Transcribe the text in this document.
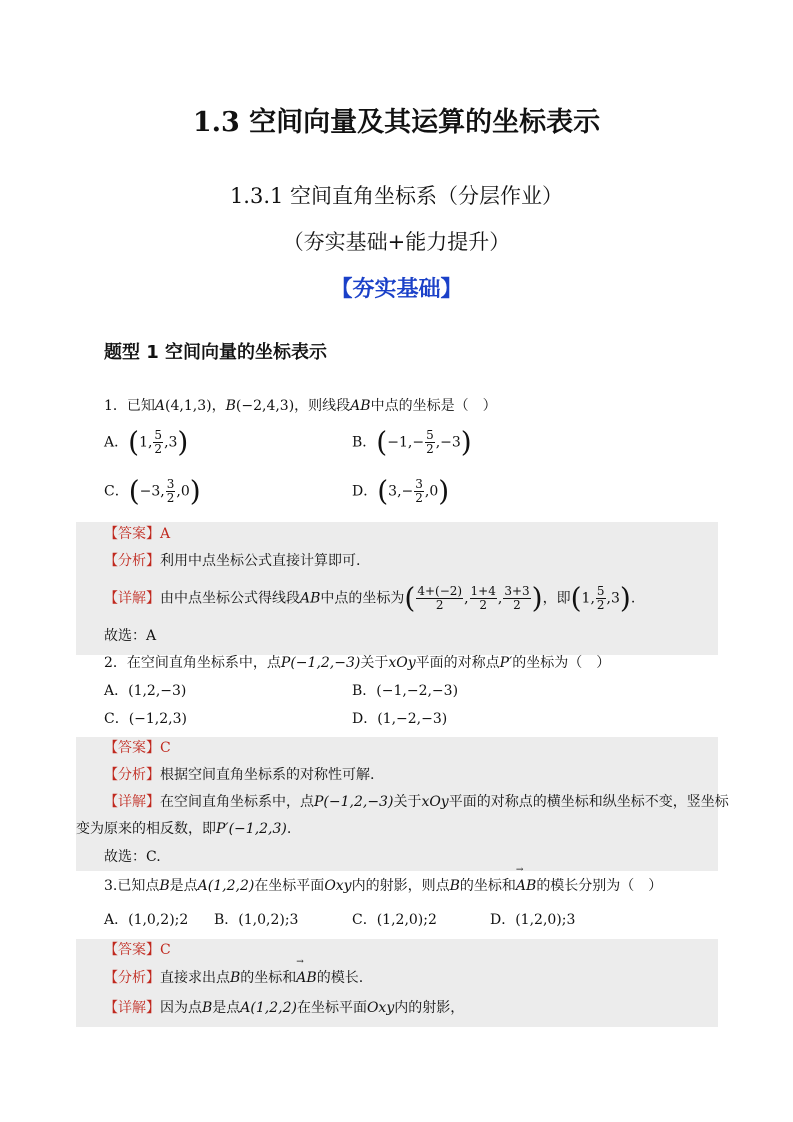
1.3 空间向量及其运算的坐标表示
1.3.1 空间直角坐标系（分层作业）
（夯实基础+能力提升）
【夯实基础】
题型 1 空间向量的坐标表示
1．已知A(4,1,3)，B(−2,4,3)，则线段AB中点的坐标是（　）
A．(1, $\frac{5}{2} ,3$)	B．$(-1,- \frac{5}{2} ,-3)$
C．(−3, $\frac{3}{2} ,0$)	D．$(3,- \frac{3}{2} ,0)$
【答案】A
【分析】利用中点坐标公式直接计算即可.
【详解】由中点坐标公式得线段AB中点的坐标为( $\frac{4+(-2)}{2}$ , $\frac{1+4}{2}$ , $\frac{3+3}{2}$ )，即(1, $\frac{5}{2} ,3$).
故选：A
2．在空间直角坐标系中，点P(−1,2,−3)关于xOy平面的对称点P′的坐标为（　）
A．(1,2,−3)	B．(−1,−2,−3)
C．(−1,2,3)	D．(1,−2,−3)
【答案】C
【分析】根据空间直角坐标系的对称性可解.
【详解】在空间直角坐标系中，点P(−1,2,−3)关于xOy平面的对称点的横坐标和纵坐标不变，竖坐标
变为原来的相反数，即P′(−1,2,3).
故选：C.
3.已知点B是点A(1,2,2)在坐标平面Oxy内的射影，则点B的坐标和→ AB的模长分别为（　）
A．(1,0,2);2 B．(1,0,2);3	C．(1,2,0);2	D．(1,2,0);3
【答案】C
【分析】直接求出点B的坐标和→ AB的模长.
【详解】因为点B是点A(1,2,2)在坐标平面Oxy内的射影，
